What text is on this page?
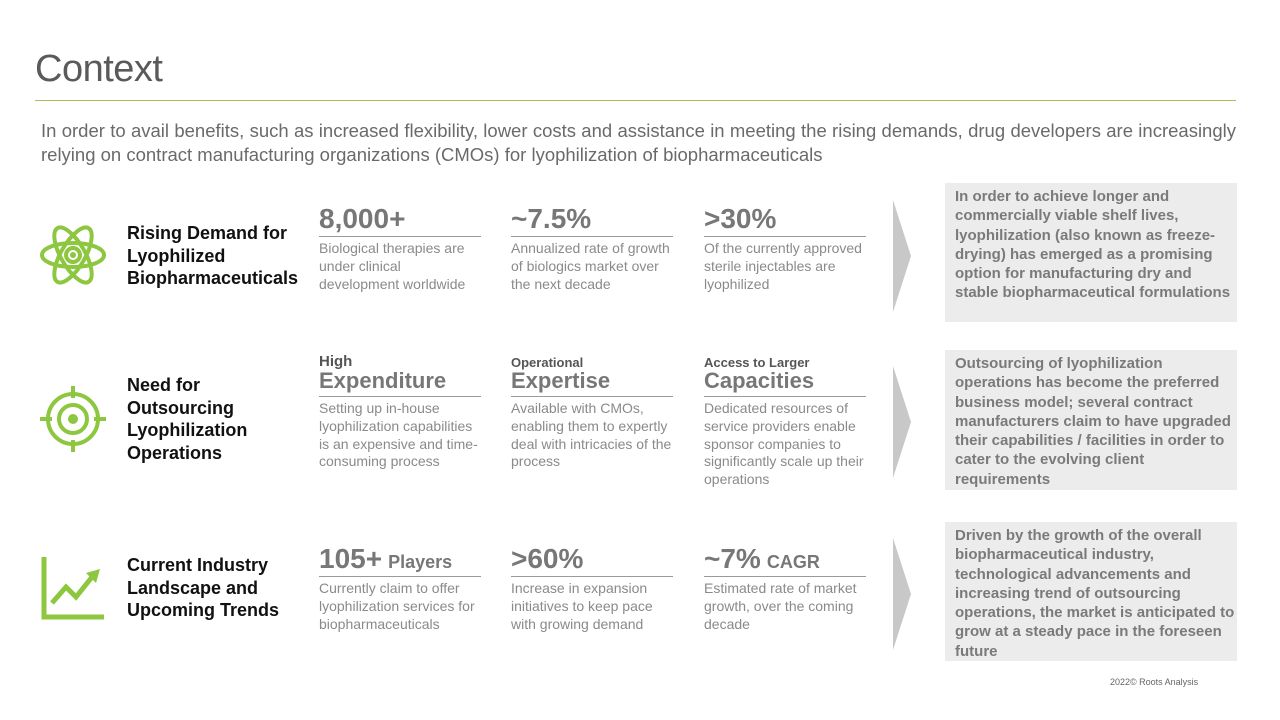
Context
In order to avail benefits, such as increased flexibility, lower costs and assistance in meeting the rising demands, drug developers are increasingly relying on contract manufacturing organizations (CMOs) for lyophilization of biopharmaceuticals
Rising Demand for Lyophilized Biopharmaceuticals
8,000+
Biological therapies are under clinical development worldwide
~7.5%
Annualized rate of growth of biologics market over the next decade
>30%
Of the currently approved sterile injectables are lyophilized
In order to achieve longer and commercially viable shelf lives, lyophilization (also known as freeze-drying) has emerged as a promising option for manufacturing dry and stable biopharmaceutical formulations
Need for Outsourcing Lyophilization Operations
High
Expenditure
Setting up in-house lyophilization capabilities is an expensive and time-consuming process
Operational
Expertise
Available with CMOs, enabling them to expertly deal with intricacies of the process
Access to Larger
Capacities
Dedicated resources of service providers enable sponsor companies to significantly scale up their operations
Outsourcing of lyophilization operations has become the preferred business model; several contract manufacturers claim to have upgraded their capabilities / facilities in order to cater to the evolving client requirements
Current Industry Landscape and Upcoming Trends
105+ Players
Currently claim to offer lyophilization services for biopharmaceuticals
>60%
Increase in expansion initiatives to keep pace with growing demand
~7% CAGR
Estimated rate of market growth, over the coming decade
Driven by the growth of the overall biopharmaceutical industry, technological advancements and increasing trend of outsourcing operations, the market is anticipated to grow at a steady pace in the foreseen future
2022© Roots Analysis
